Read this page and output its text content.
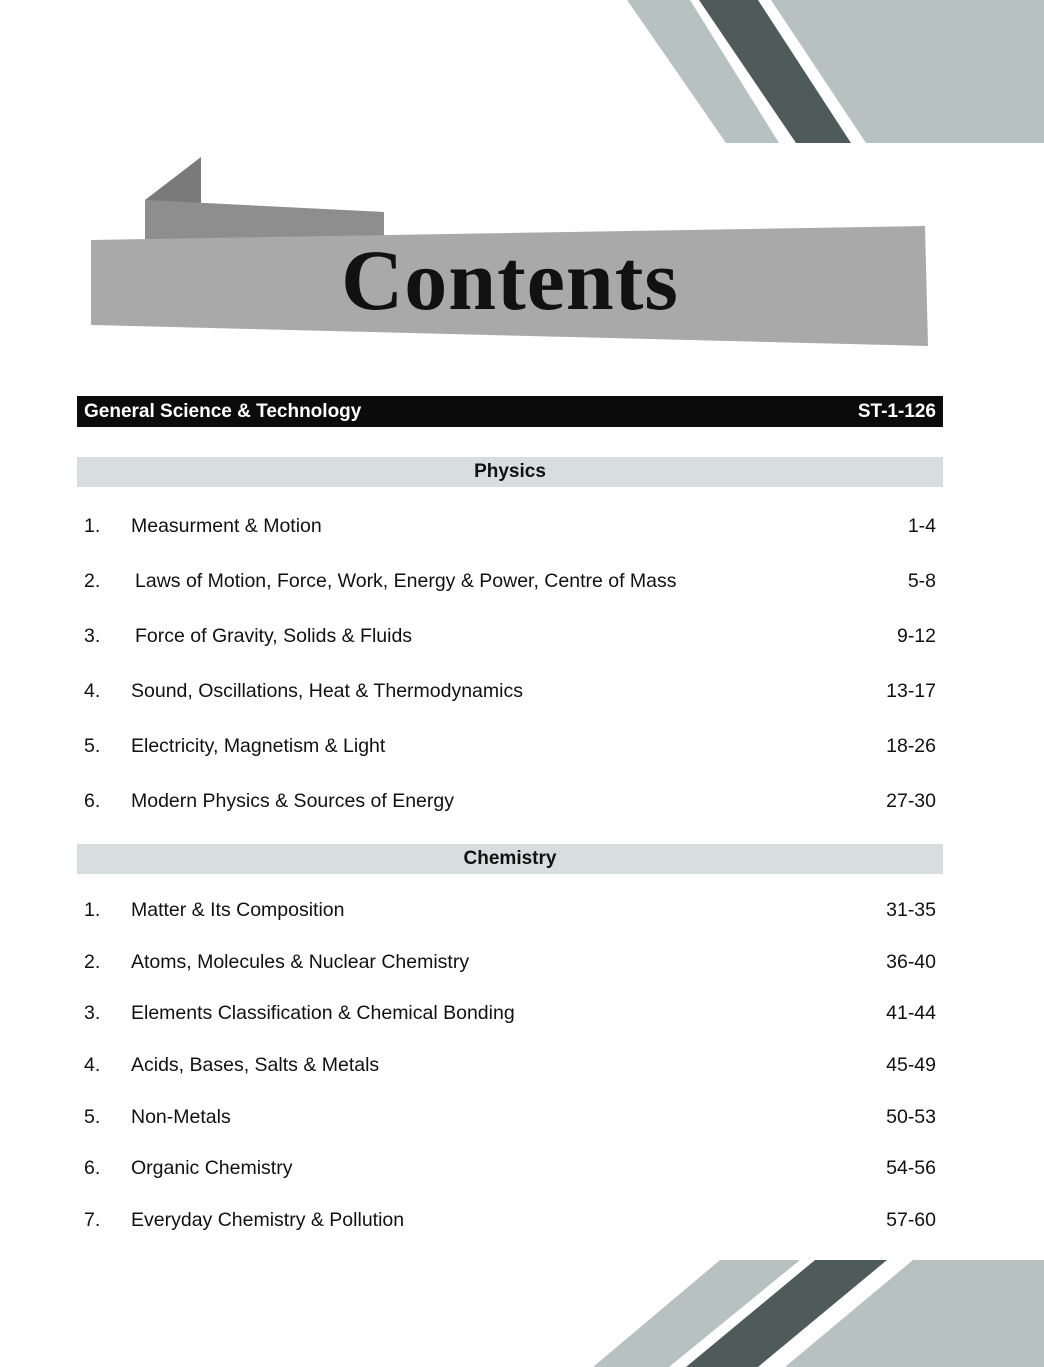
Contents
General Science & Technology	ST-1-126
Physics
1.	Measurment & Motion	1-4
2.	Laws of Motion, Force, Work, Energy & Power, Centre of Mass	5-8
3.	Force of Gravity, Solids & Fluids	9-12
4.	Sound, Oscillations, Heat & Thermodynamics	13-17
5.	Electricity, Magnetism & Light	18-26
6.	Modern Physics & Sources of Energy	27-30
Chemistry
1.	Matter & Its Composition	31-35
2.	Atoms, Molecules & Nuclear Chemistry	36-40
3.	Elements Classification & Chemical Bonding	41-44
4.	Acids, Bases, Salts & Metals	45-49
5.	Non-Metals	50-53
6.	Organic Chemistry	54-56
7.	Everyday Chemistry & Pollution	57-60
